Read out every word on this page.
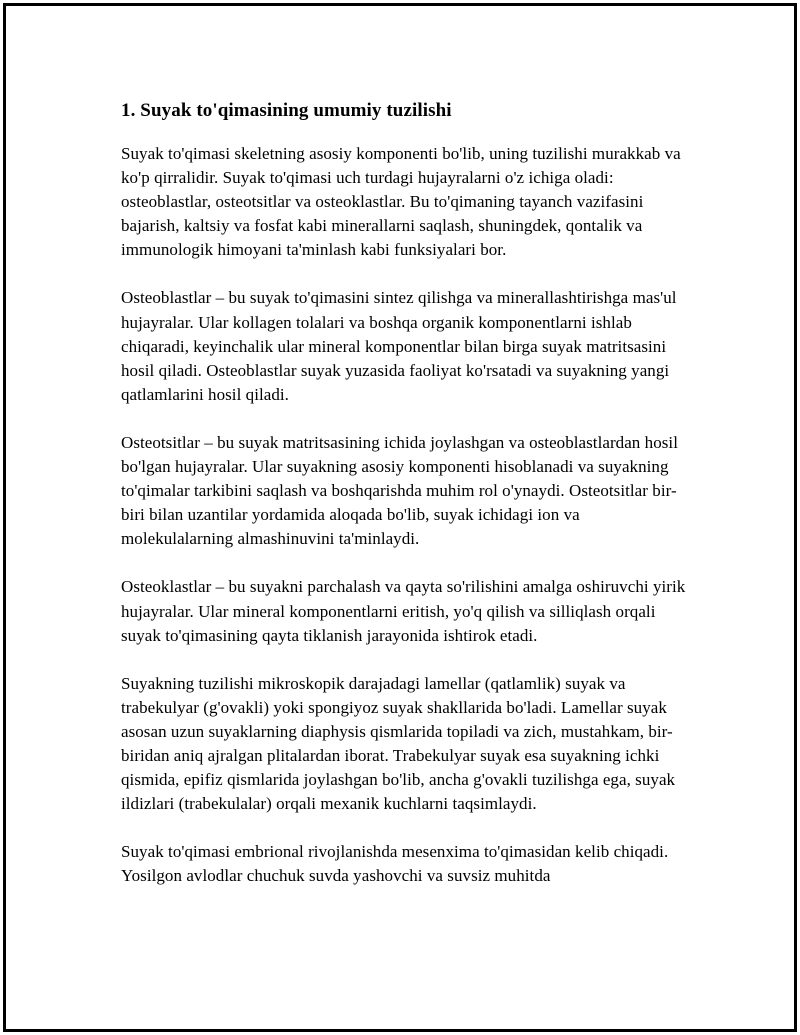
1. Suyak to'qimasining umumiy tuzilishi

Suyak to'qimasi skeletning asosiy komponenti bo'lib, uning tuzilishi murakkab va ko'p qirralidir. Suyak to'qimasi uch turdagi hujayralarni o'z ichiga oladi: osteoblastlar, osteotsitlar va osteoklastlar. Bu to'qimaning tayanch vazifasini bajarish, kaltsiy va fosfat kabi minerallarni saqlash, shuningdek, qontalik va immunologik himoyani ta'minlash kabi funksiyalari bor.

Osteoblastlar – bu suyak to'qimasini sintez qilishga va minerallashtirishga mas'ul hujayralar. Ular kollagen tolalari va boshqa organik komponentlarni ishlab chiqaradi, keyinchalik ular mineral komponentlar bilan birga suyak matritsasini hosil qiladi. Osteoblastlar suyak yuzasida faoliyat ko'rsatadi va suyakning yangi qatlamlarini hosil qiladi.

Osteotsitlar – bu suyak matritsasining ichida joylashgan va osteoblastlardan hosil bo'lgan hujayralar. Ular suyakning asosiy komponenti hisoblanadi va suyakning to'qimalar tarkibini saqlash va boshqarishda muhim rol o'ynaydi. Osteotsitlar bir-biri bilan uzantilar yordamida aloqada bo'lib, suyak ichidagi ion va molekulalarning almashinuvini ta'minlaydi.

Osteoklastlar – bu suyakni parchalash va qayta so'rilishini amalga oshiruvchi yirik hujayralar. Ular mineral komponentlarni eritish, yo'q qilish va silliqlash orqali suyak to'qimasining qayta tiklanish jarayonida ishtirok etadi.

Suyakning tuzilishi mikroskopik darajadagi lamellar (qatlamlik) suyak va trabekulyar (g'ovakli) yoki spongiyoz suyak shakllarida bo'ladi. Lamellar suyak asosan uzun suyaklarning diaphysis qismlarida topiladi va zich, mustahkam, bir-biridan aniq ajralgan plitalardan iborat. Trabekulyar suyak esa suyakning ichki qismida, epifiz qismlarida joylashgan bo'lib, ancha g'ovakli tuzilishga ega, suyak ildizlari (trabekulalar) orqali mexanik kuchlarni taqsimlaydi.

Suyak to'qimasi embrional rivojlanishda mesenxima to'qimasidan kelib chiqadi. Yosilgon avlodlar chuchuk suvda yashovchi va suvsiz muhitda
